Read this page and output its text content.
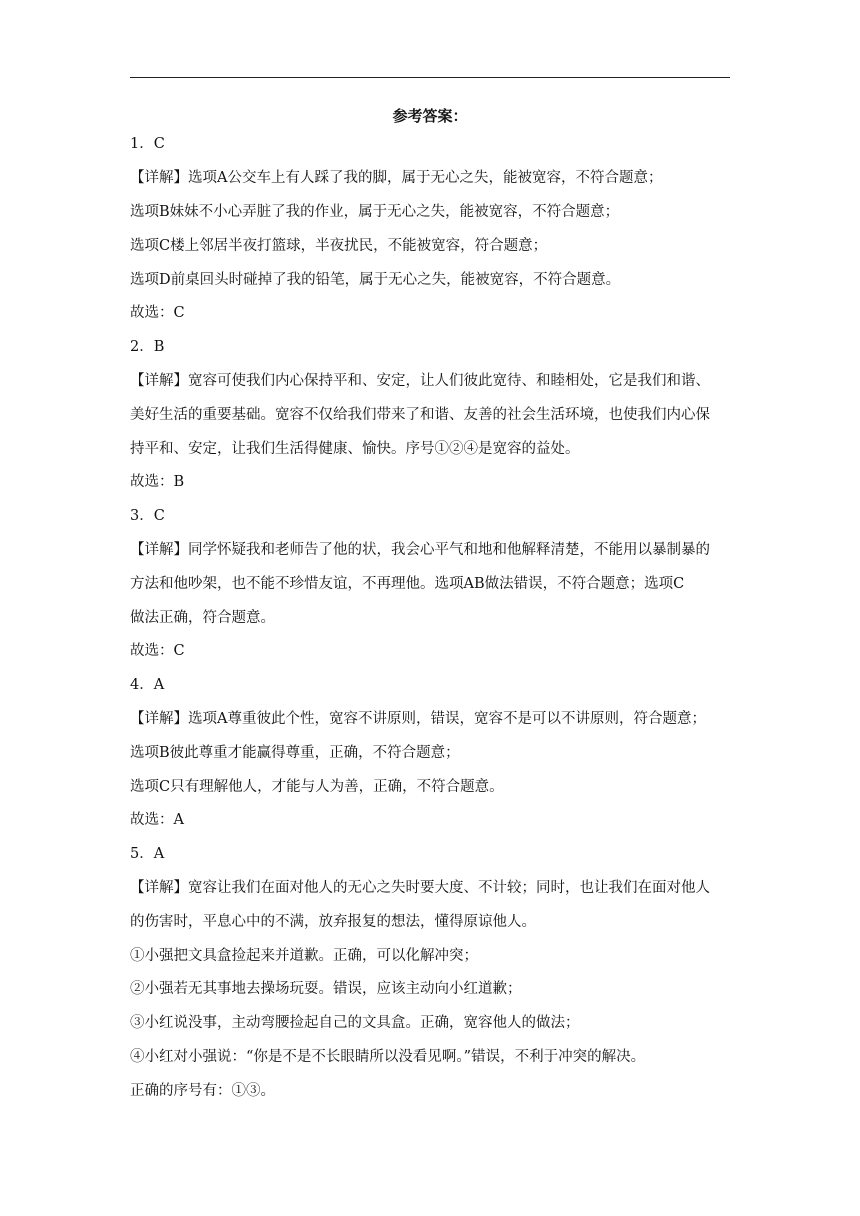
参考答案：
1．C
【详解】选项A公交车上有人踩了我的脚，属于无心之失，能被宽容，不符合题意；
选项B妹妹不小心弄脏了我的作业，属于无心之失，能被宽容，不符合题意；
选项C楼上邻居半夜打篮球，半夜扰民，不能被宽容，符合题意；
选项D前桌回头时碰掉了我的铅笔，属于无心之失，能被宽容，不符合题意。
故选：C
2．B
【详解】宽容可使我们内心保持平和、安定，让人们彼此宽待、和睦相处，它是我们和谐、
美好生活的重要基础。宽容不仅给我们带来了和谐、友善的社会生活环境，也使我们内心保
持平和、安定，让我们生活得健康、愉快。序号①②④是宽容的益处。
故选：B
3．C
【详解】同学怀疑我和老师告了他的状，我会心平气和地和他解释清楚，不能用以暴制暴的
方法和他吵架，也不能不珍惜友谊，不再理他。选项AB做法错误，不符合题意；选项C
做法正确，符合题意。
故选：C
4．A
【详解】选项A尊重彼此个性，宽容不讲原则，错误，宽容不是可以不讲原则，符合题意；
选项B彼此尊重才能赢得尊重，正确，不符合题意；
选项C只有理解他人，才能与人为善，正确，不符合题意。
故选：A
5．A
【详解】宽容让我们在面对他人的无心之失时要大度、不计较；同时，也让我们在面对他人
的伤害时，平息心中的不满，放弃报复的想法，懂得原谅他人。
①小强把文具盒捡起来并道歉。正确，可以化解冲突；
②小强若无其事地去操场玩耍。错误，应该主动向小红道歉；
③小红说没事，主动弯腰捡起自己的文具盒。正确，宽容他人的做法；
④小红对小强说：“你是不是不长眼睛所以没看见啊。”错误，不利于冲突的解决。
正确的序号有：①③。
